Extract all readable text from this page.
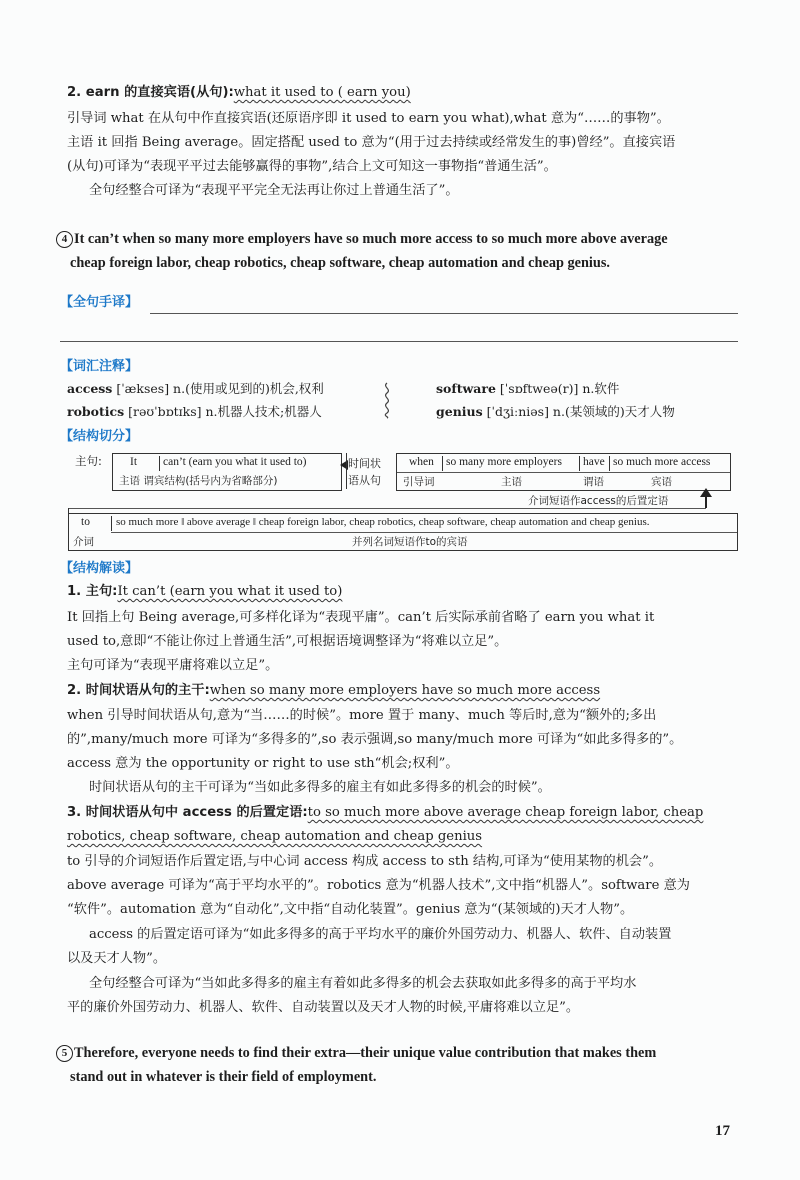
2. earn 的直接宾语(从句):what it used to ( earn you)
引导词 what 在从句中作直接宾语(还原语序即 it used to earn you what),what 意为“……的事物”。
主语 it 回指 Being average。固定搭配 used to 意为“(用于过去持续或经常发生的事)曾经”。直接宾语
(从句)可译为“表现平平过去能够赢得的事物”,结合上文可知这一事物指“普通生活”。
全句经整合可译为“表现平平完全无法再让你过上普通生活了”。
4 It can’t when so many more employers have so much more access to so much more above average
cheap foreign labor, cheap robotics, cheap software, cheap automation and cheap genius.
【全句手译】
【词汇注释】
access [ˈækses] n.(使用或见到的)机会,权利	software [ˈsɒftweə(r)] n.软件
robotics [rəʊˈbɒtɪks] n.机器人技术;机器人	genius [ˈdʒiːniəs] n.(某领域的)天才人物
【结构切分】
主句: It can’t (earn you what it used to)
主语 谓宾结构(括号内为省略部分)
时间状
语从句
when so many more employers have so much more access
引导词	主语	谓语	宾语
介词短语作access的后置定语
to so much more ‖ above average ‖ cheap foreign labor, cheap robotics, cheap software, cheap automation and cheap genius.
介词	并列名词短语作to的宾语
【结构解读】
1. 主句:It can’t (earn you what it used to)
It 回指上句 Being average,可多样化译为“表现平庸”。can’t 后实际承前省略了 earn you what it
used to,意即“不能让你过上普通生活”,可根据语境调整译为“将难以立足”。
主句可译为“表现平庸将难以立足”。
2. 时间状语从句的主干:when so many more employers have so much more access
when 引导时间状语从句,意为“当……的时候”。more 置于 many、much 等后时,意为“额外的;多出
的”,many/much more 可译为“多得多的”,so 表示强调,so many/much more 可译为“如此多得多的”。
access 意为 the opportunity or right to use sth“机会;权利”。
时间状语从句的主干可译为“当如此多得多的雇主有如此多得多的机会的时候”。
3. 时间状语从句中 access 的后置定语:to so much more above average cheap foreign labor, cheap
robotics, cheap software, cheap automation and cheap genius
to 引导的介词短语作后置定语,与中心词 access 构成 access to sth 结构,可译为“使用某物的机会”。
above average 可译为“高于平均水平的”。robotics 意为“机器人技术”,文中指“机器人”。software 意为
“软件”。automation 意为“自动化”,文中指“自动化装置”。genius 意为“(某领域的)天才人物”。
access 的后置定语可译为“如此多得多的高于平均水平的廉价外国劳动力、机器人、软件、自动装置
以及天才人物”。
全句经整合可译为“当如此多得多的雇主有着如此多得多的机会去获取如此多得多的高于平均水
平的廉价外国劳动力、机器人、软件、自动装置以及天才人物的时候,平庸将难以立足”。
5 Therefore, everyone needs to find their extra—their unique value contribution that makes them
stand out in whatever is their field of employment.
17
